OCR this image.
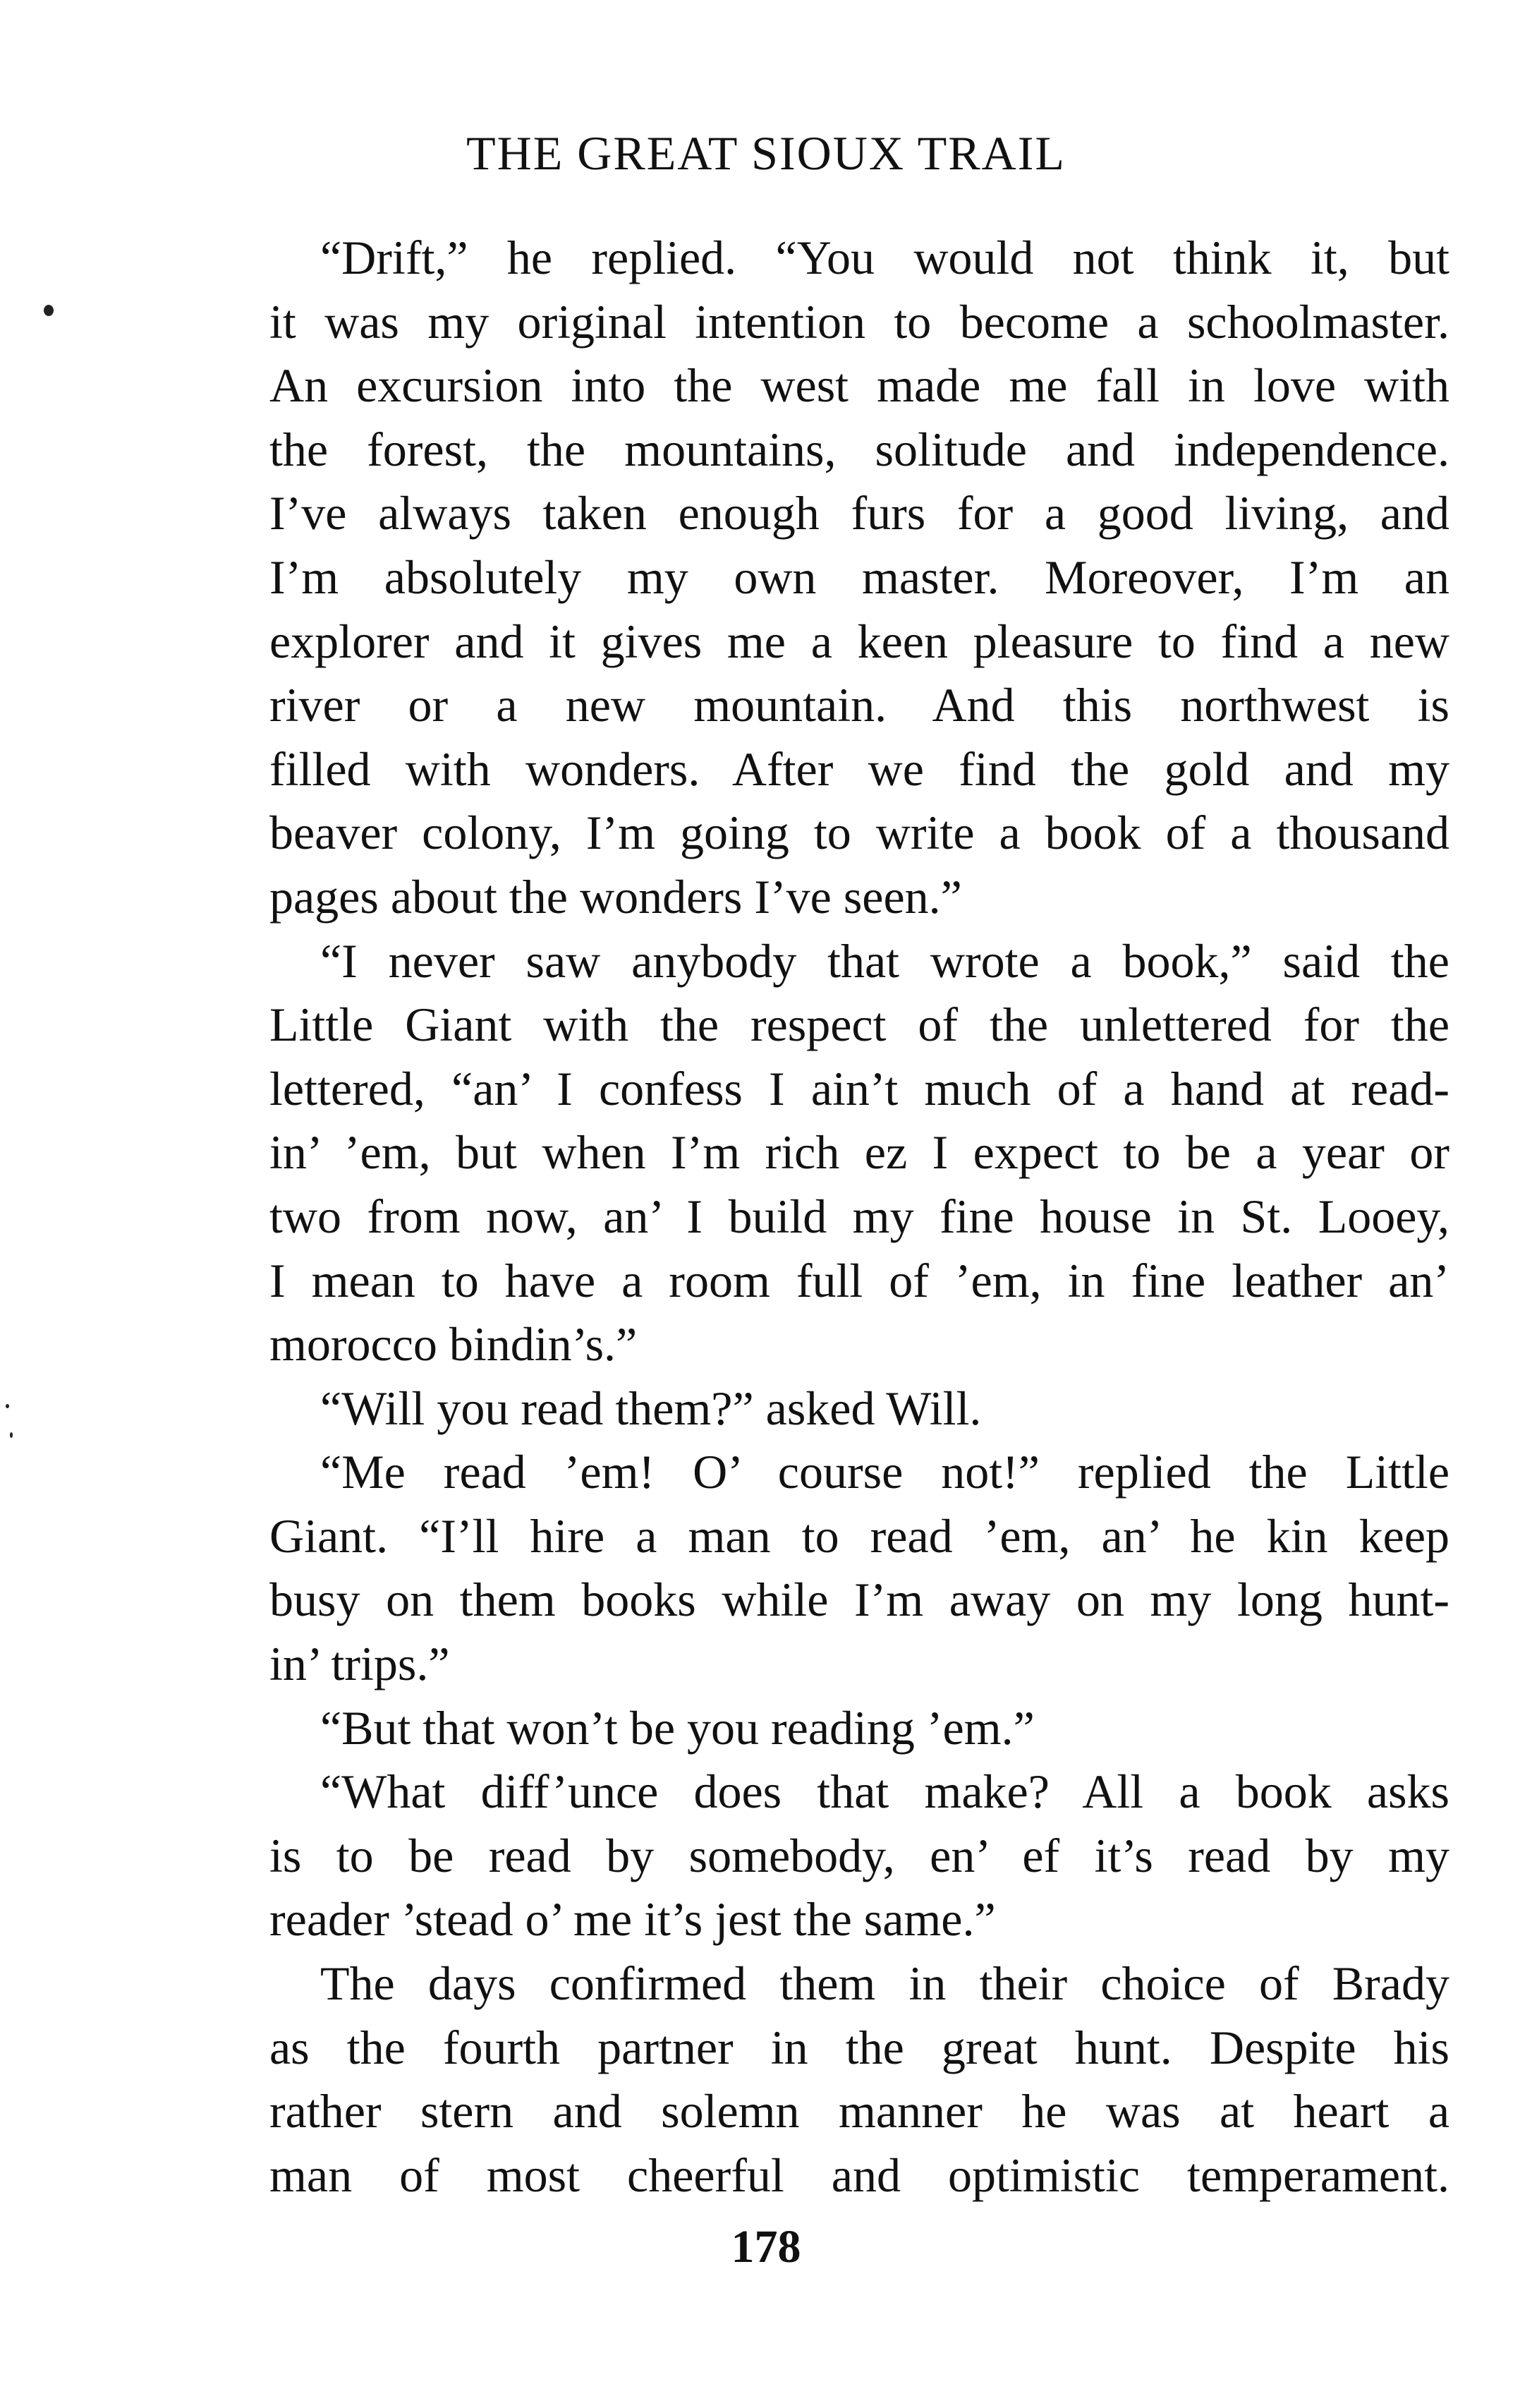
THE GREAT SIOUX TRAIL
“Drift,” he replied. “You would not think it, but
it was my original intention to become a schoolmaster.
An excursion into the west made me fall in love with
the forest, the mountains, solitude and independence.
I’ve always taken enough furs for a good living, and
I’m absolutely my own master. Moreover, I’m an
explorer and it gives me a keen pleasure to find a new
river or a new mountain. And this northwest is
filled with wonders. After we find the gold and my
beaver colony, I’m going to write a book of a thousand
pages about the wonders I’ve seen.”
“I never saw anybody that wrote a book,” said the
Little Giant with the respect of the unlettered for the
lettered, “an’ I confess I ain’t much of a hand at read-
in’ ’em, but when I’m rich ez I expect to be a year or
two from now, an’ I build my fine house in St. Looey,
I mean to have a room full of ’em, in fine leather an’
morocco bindin’s.”
“Will you read them?” asked Will.
“Me read ’em! O’ course not!” replied the Little
Giant. “I’ll hire a man to read ’em, an’ he kin keep
busy on them books while I’m away on my long hunt-
in’ trips.”
“But that won’t be you reading ’em.”
“What diff’unce does that make? All a book asks
is to be read by somebody, en’ ef it’s read by my
reader ’stead o’ me it’s jest the same.”
The days confirmed them in their choice of Brady
as the fourth partner in the great hunt. Despite his
rather stern and solemn manner he was at heart a
man of most cheerful and optimistic temperament.
178
